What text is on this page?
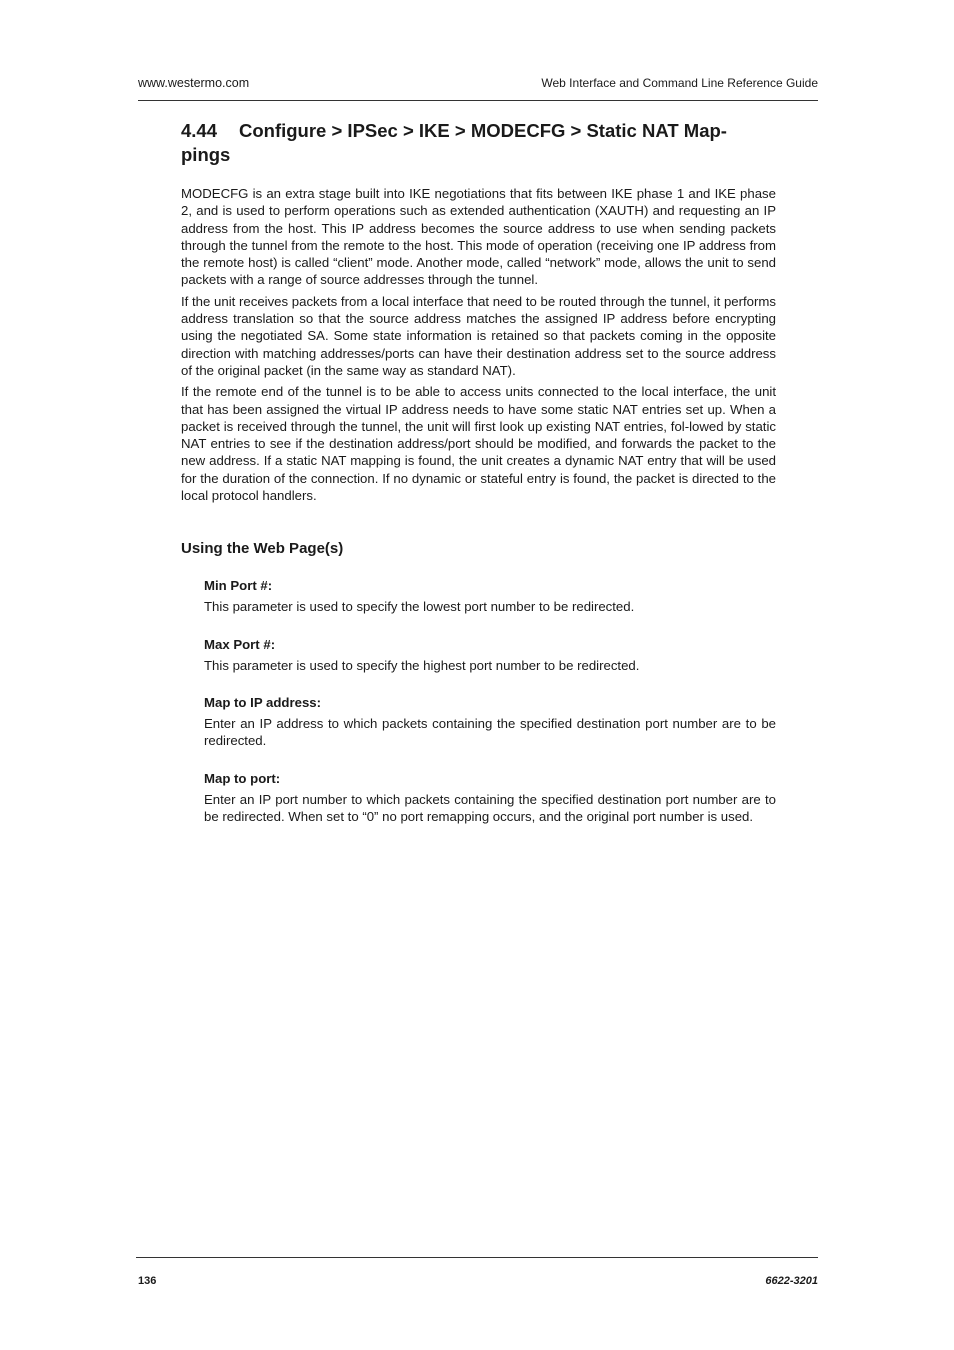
www.westermo.com	Web Interface and Command Line Reference Guide
4.44 Configure > IPSec > IKE > MODECFG > Static NAT Map-pings

MODECFG is an extra stage built into IKE negotiations that fits between IKE phase 1 and IKE phase 2, and is used to perform operations such as extended authentication (XAUTH) and requesting an IP address from the host. This IP address becomes the source address to use when sending packets through the tunnel from the remote to the host. This mode of operation (receiving one IP address from the remote host) is called “client” mode. Another mode, called “network” mode, allows the unit to send packets with a range of source addresses through the tunnel.

If the unit receives packets from a local interface that need to be routed through the tunnel, it performs address translation so that the source address matches the assigned IP address before encrypting using the negotiated SA. Some state information is retained so that packets coming in the opposite direction with matching addresses/ports can have their destination address set to the source address of the original packet (in the same way as standard NAT).

If the remote end of the tunnel is to be able to access units connected to the local interface, the unit that has been assigned the virtual IP address needs to have some static NAT entries set up. When a packet is received through the tunnel, the unit will first look up existing NAT entries, fol-lowed by static NAT entries to see if the destination address/port should be modified, and forwards the packet to the new address. If a static NAT mapping is found, the unit creates a dynamic NAT entry that will be used for the duration of the connection. If no dynamic or stateful entry is found, the packet is directed to the local protocol handlers.

Using the Web Page(s)

Min Port #:

This parameter is used to specify the lowest port number to be redirected.

Max Port #:

This parameter is used to specify the highest port number to be redirected.

Map to IP address:

Enter an IP address to which packets containing the specified destination port number are to be redirected.

Map to port:

Enter an IP port number to which packets containing the specified destination port number are to be redirected. When set to “0” no port remapping occurs, and the original port number is used.

136	6622-3201
